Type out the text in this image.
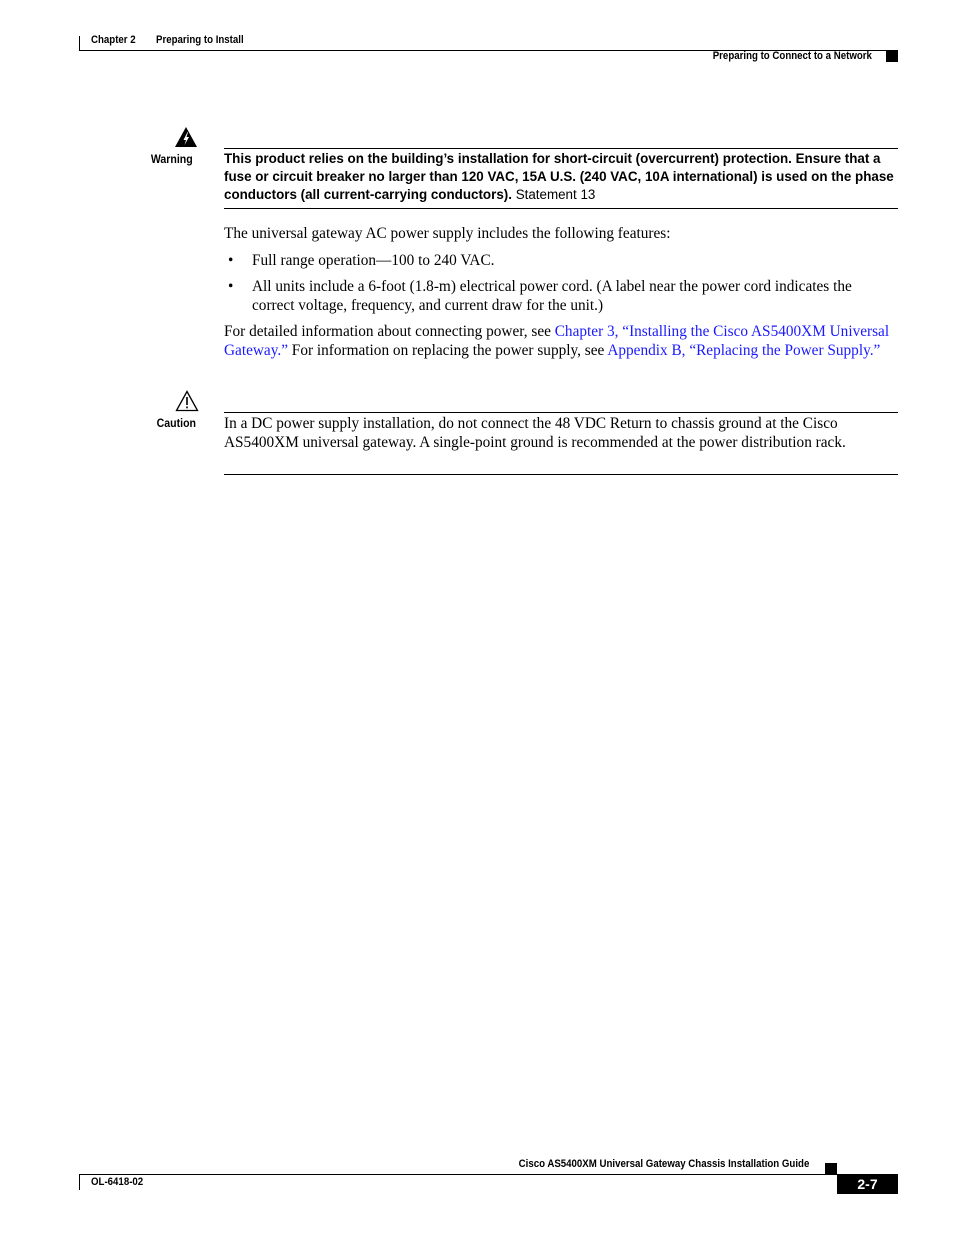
Chapter 2 Preparing to Install
Preparing to Connect to a Network
Warning This product relies on the building’s installation for short-circuit (overcurrent) protection. Ensure that a fuse or circuit breaker no larger than 120 VAC, 15A U.S. (240 VAC, 10A international) is used on the phase conductors (all current-carrying conductors). Statement 13
The universal gateway AC power supply includes the following features:
• Full range operation—100 to 240 VAC.
• All units include a 6-foot (1.8-m) electrical power cord. (A label near the power cord indicates the correct voltage, frequency, and current draw for the unit.)
For detailed information about connecting power, see Chapter 3, “Installing the Cisco AS5400XM Universal Gateway.” For information on replacing the power supply, see Appendix B, “Replacing the Power Supply.”
Caution In a DC power supply installation, do not connect the 48 VDC Return to chassis ground at the Cisco AS5400XM universal gateway. A single-point ground is recommended at the power distribution rack.
Cisco AS5400XM Universal Gateway Chassis Installation Guide
OL-6418-02	2-7
